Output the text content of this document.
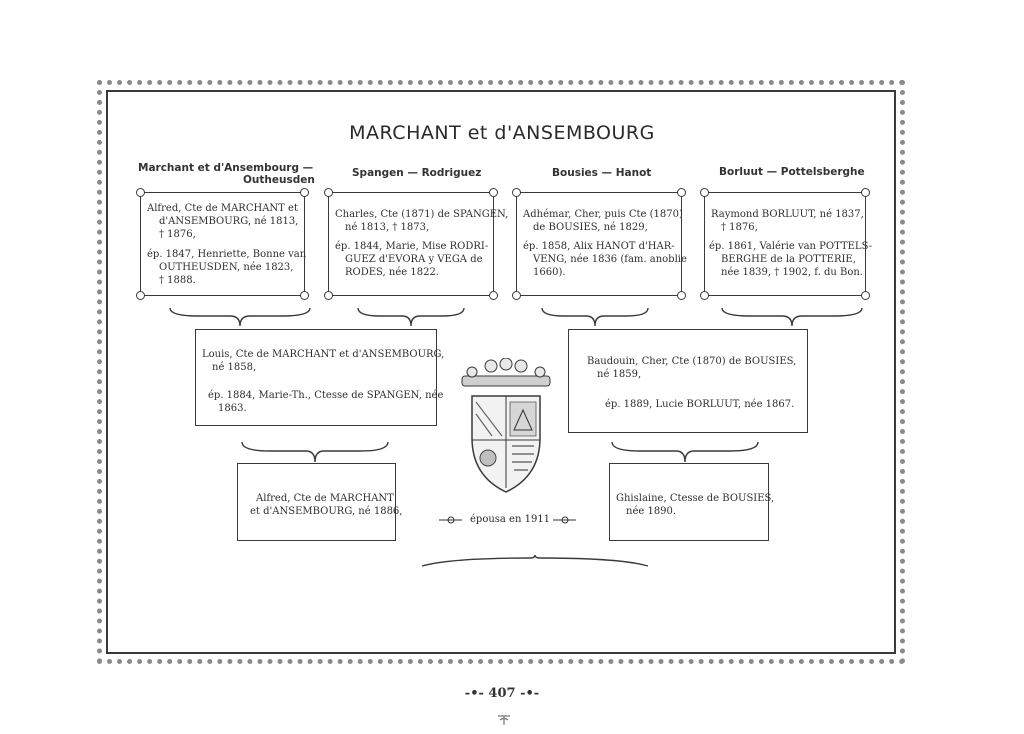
MARCHANT et d'ANSEMBOURG
Marchant et d'Ansembourg —
Outheusden
Spangen — Rodriguez	Bousies — Hanot	Borluut — Pottelsberghe
Alfred, Cte de MARCHANT et
d'ANSEMBOURG, né 1813,
† 1876,
ép. 1847, Henriette, Bonne van
OUTHEUSDEN, née 1823,
† 1888.
Charles, Cte (1871) de SPANGEN,
né 1813, † 1873,
ép. 1844, Marie, Mise RODRI-
GUEZ d'EVORA y VEGA de
RODES, née 1822.
Adhémar, Cher, puis Cte (1870)
de BOUSIES, né 1829,
ép. 1858, Alix HANOT d'HAR-
VENG, née 1836 (fam. anoblie
1660).
Raymond BORLUUT, né 1837,
† 1876,
ép. 1861, Valérie van POTTELS-
BERGHE de la POTTERIE,
née 1839, † 1902, f. du Bon.
Louis, Cte de MARCHANT et d'ANSEMBOURG,
né 1858,
ép. 1884, Marie-Th., Ctesse de SPANGEN, née
1863.
Baudouin, Cher, Cte (1870) de BOUSIES,
né 1859,
ép. 1889, Lucie BORLUUT, née 1867.
Alfred, Cte de MARCHANT
et d'ANSEMBOURG, né 1886,
Ghislaine, Ctesse de BOUSIES,
née 1890.
épousa en 1911
-•- 407 -•-
